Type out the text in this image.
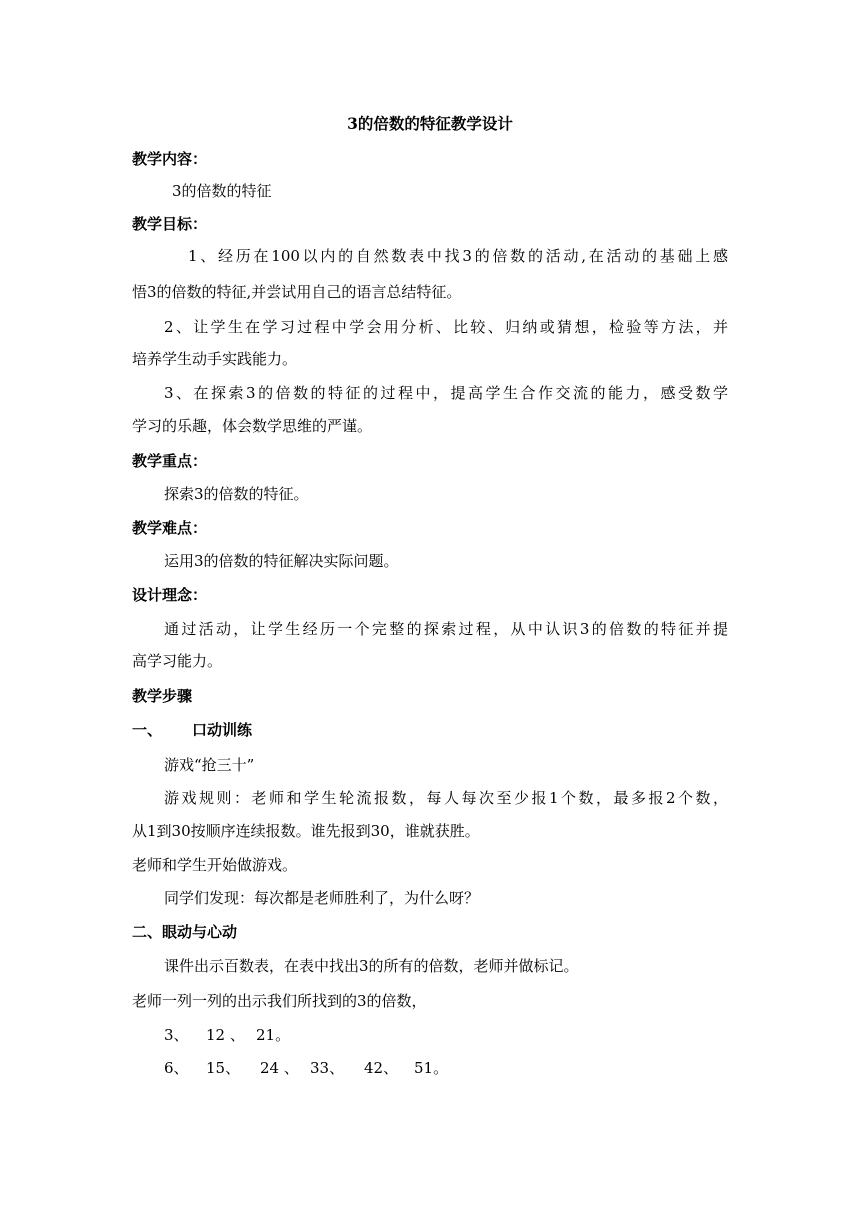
3的倍数的特征教学设计
教学内容：
3的倍数的特征
教学目标：
1、经历在100以内的自然数表中找3的倍数的活动,在活动的基础上感
悟3的倍数的特征,并尝试用自己的语言总结特征。
2、让学生在学习过程中学会用分析、比较、归纳或猜想，检验等方法，并
培养学生动手实践能力。
3、在探索3的倍数的特征的过程中，提高学生合作交流的能力，感受数学
学习的乐趣，体会数学思维的严谨。
教学重点：
探索3的倍数的特征。
教学难点：
运用3的倍数的特征解决实际问题。
设计理念：
通过活动，让学生经历一个完整的探索过程，从中认识3的倍数的特征并提
高学习能力。
教学步骤
一、 口动训练
游戏“抢三十”
游戏规则：老师和学生轮流报数，每人每次至少报1个数，最多报2个数，
从1到30按顺序连续报数。谁先报到30，谁就获胜。
老师和学生开始做游戏。
同学们发现：每次都是老师胜利了，为什么呀？
二、眼动与心动
课件出示百数表，在表中找出3的所有的倍数，老师并做标记。
老师一列一列的出示我们所找到的3的倍数，
3、 12 、 21。
6、 15、 24 、 33、 42、 51。
